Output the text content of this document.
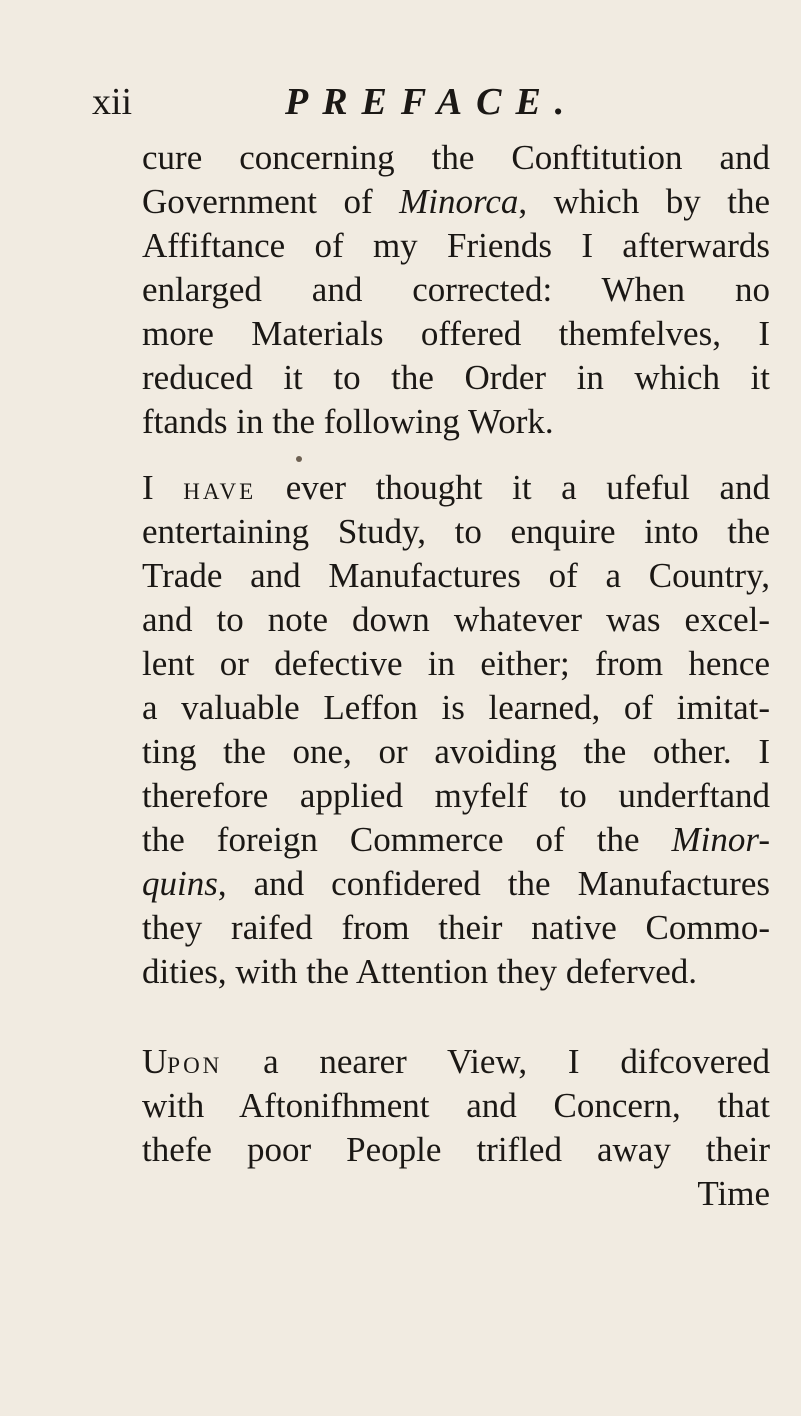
xii	PREFACE.
cure concerning the Conftitution and
Government of Minorca, which by the
Affiftance of my Friends I afterwards
enlarged and corrected: When no
more Materials offered themfelves, I
reduced it to the Order in which it
ftands in the following Work.
I HAVE ever thought it a ufeful and
entertaining Study, to enquire into the
Trade and Manufactures of a Country,
and to note down whatever was excel-
lent or defective in either; from hence
a valuable Leffon is learned, of imitat-
ting the one, or avoiding the other. I
therefore applied myfelf to underftand
the foreign Commerce of the Minor-
quins, and confidered the Manufactures
they raifed from their native Commo-
dities, with the Attention they deferved.
UPON a nearer View, I difcovered
with Aftonifhment and Concern, that
thefe poor People trifled away their
Time
